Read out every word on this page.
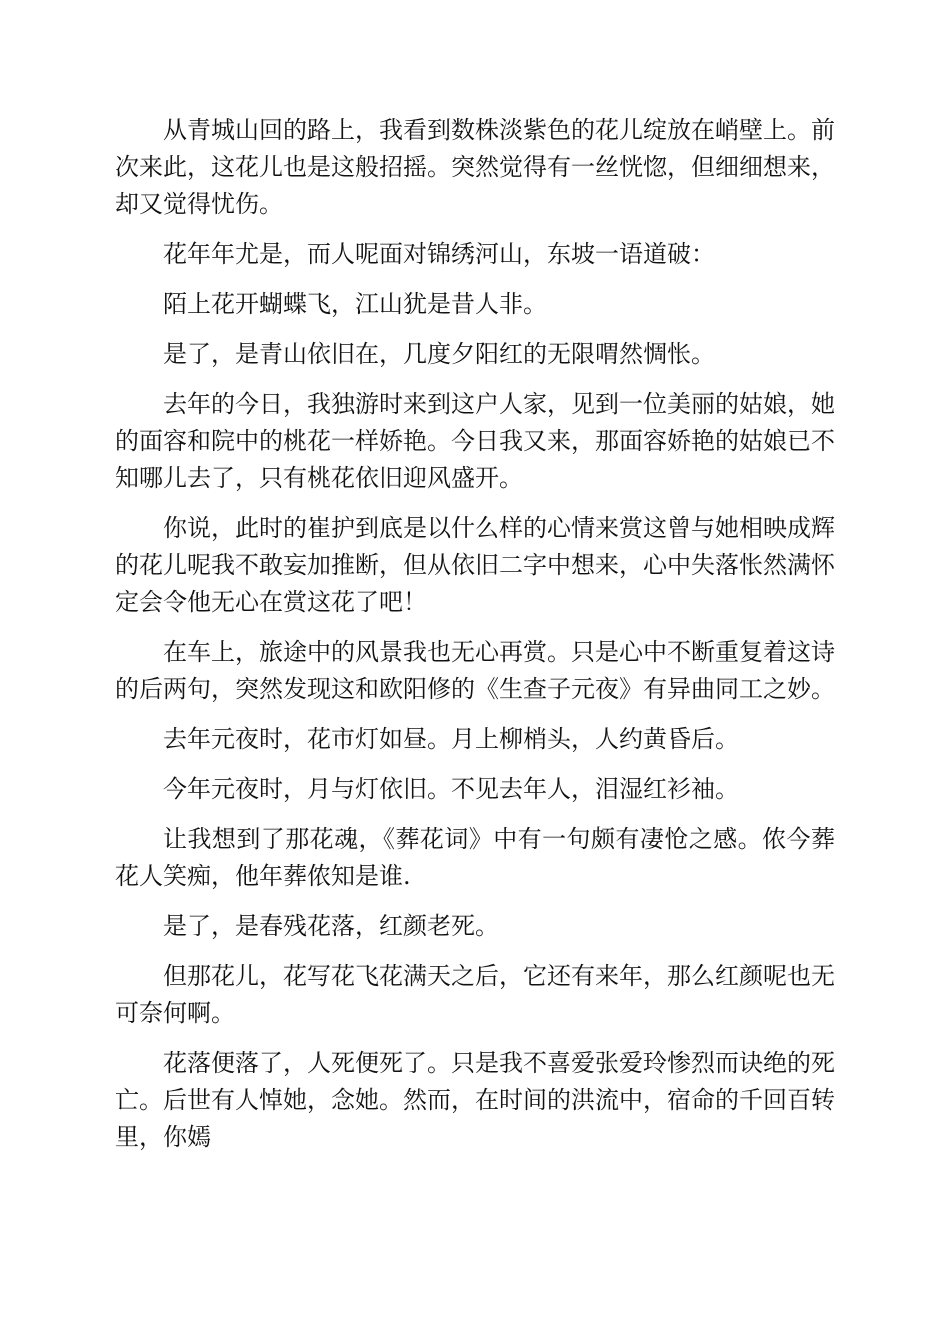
从青城山回的路上，我看到数株淡紫色的花儿绽放在峭壁上。前次来此，这花儿也是这般招摇。突然觉得有一丝恍惚，但细细想来，却又觉得忧伤。

花年年尤是，而人呢面对锦绣河山，东坡一语道破：

陌上花开蝴蝶飞，江山犹是昔人非。

是了，是青山依旧在，几度夕阳红的无限喟然惆怅。

去年的今日，我独游时来到这户人家，见到一位美丽的姑娘，她的面容和院中的桃花一样娇艳。今日我又来，那面容娇艳的姑娘已不知哪儿去了，只有桃花依旧迎风盛开。

你说，此时的崔护到底是以什么样的心情来赏这曾与她相映成辉的花儿呢我不敢妄加推断，但从依旧二字中想来，心中失落怅然满怀定会令他无心在赏这花了吧！

在车上，旅途中的风景我也无心再赏。只是心中不断重复着这诗的后两句，突然发现这和欧阳修的《生查子元夜》有异曲同工之妙。

去年元夜时，花市灯如昼。月上柳梢头，人约黄昏后。

今年元夜时，月与灯依旧。不见去年人，泪湿红衫袖。

让我想到了那花魂，《葬花词》中有一句颇有凄怆之感。侬今葬花人笑痴，他年葬侬知是谁.

是了，是春残花落，红颜老死。

但那花儿，花写花飞花满天之后，它还有来年，那么红颜呢也无可奈何啊。

花落便落了，人死便死了。只是我不喜爱张爱玲惨烈而诀绝的死亡。后世有人悼她，念她。然而，在时间的洪流中，宿命的千回百转里，你嫣
